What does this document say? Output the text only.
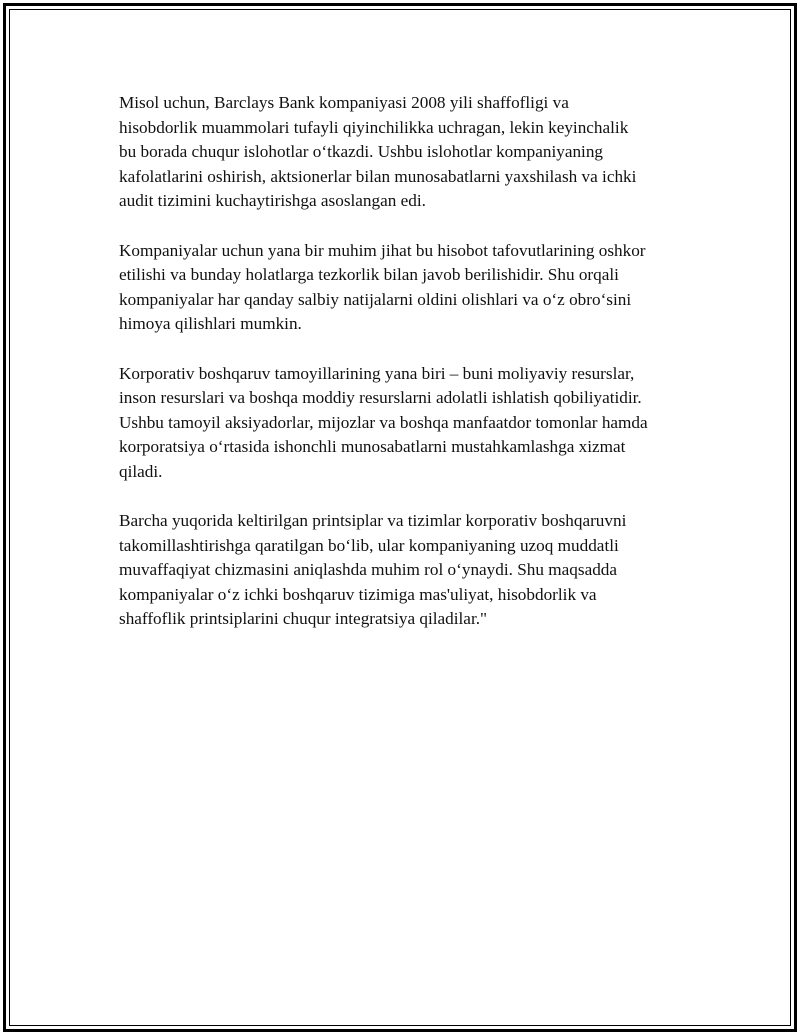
Misol uchun, Barclays Bank kompaniyasi 2008 yili shaffofligi va
hisobdorlik muammolari tufayli qiyinchilikka uchragan, lekin keyinchalik
bu borada chuqur islohotlar o‘tkazdi. Ushbu islohotlar kompaniyaning
kafolatlarini oshirish, aktsionerlar bilan munosabatlarni yaxshilash va ichki
audit tizimini kuchaytirishga asoslangan edi.

Kompaniyalar uchun yana bir muhim jihat bu hisobot tafovutlarining oshkor
etilishi va bunday holatlarga tezkorlik bilan javob berilishidir. Shu orqali
kompaniyalar har qanday salbiy natijalarni oldini olishlari va o‘z obro‘sini
himoya qilishlari mumkin.

Korporativ boshqaruv tamoyillarining yana biri – buni moliyaviy resurslar,
inson resurslari va boshqa moddiy resurslarni adolatli ishlatish qobiliyatidir.
Ushbu tamoyil aksiyadorlar, mijozlar va boshqa manfaatdor tomonlar hamda
korporatsiya o‘rtasida ishonchli munosabatlarni mustahkamlashga xizmat
qiladi.

Barcha yuqorida keltirilgan printsiplar va tizimlar korporativ boshqaruvni
takomillashtirishga qaratilgan bo‘lib, ular kompaniyaning uzoq muddatli
muvaffaqiyat chizmasini aniqlashda muhim rol o‘ynaydi. Shu maqsadda
kompaniyalar o‘z ichki boshqaruv tizimiga mas'uliyat, hisobdorlik va
shaffoflik printsiplarini chuqur integratsiya qiladilar."
